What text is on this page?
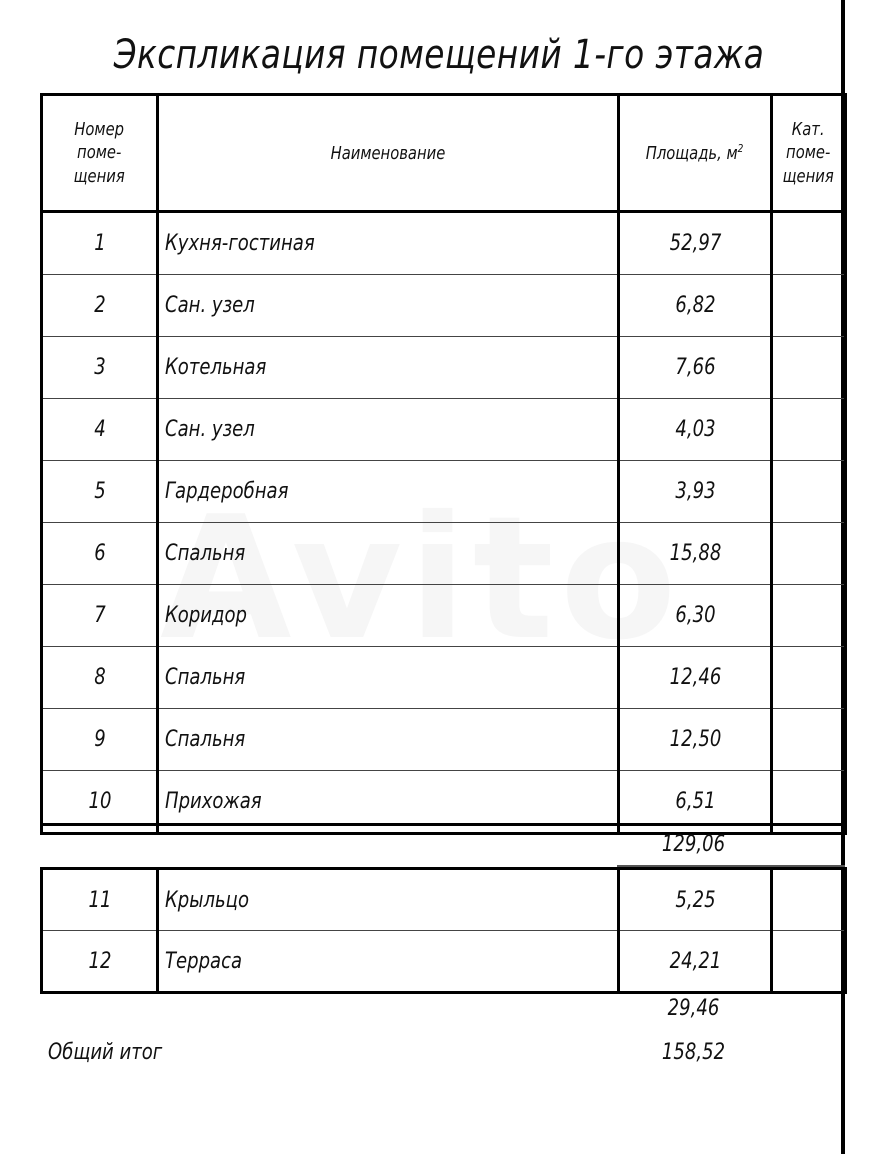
Экспликация помещений 1-го этажа
Номер
поме-
щения	Наименование	Площадь, $м^2$	Кат.
поме-
щения
1	Кухня-гостиная	52,97	
2	Сан. узел	6,82	
3	Котельная	7,66	
4	Сан. узел	4,03	
5	Гардеробная	3,93	
6	Спальня	15,88	
7	Коридор	6,30	
8	Спальня	12,46	
9	Спальня	12,50	
10	Прихожая	6,51	
129,06
11	Крыльцо	5,25	
12	Терраса	24,21	
29,46
Общий итог	158,52
